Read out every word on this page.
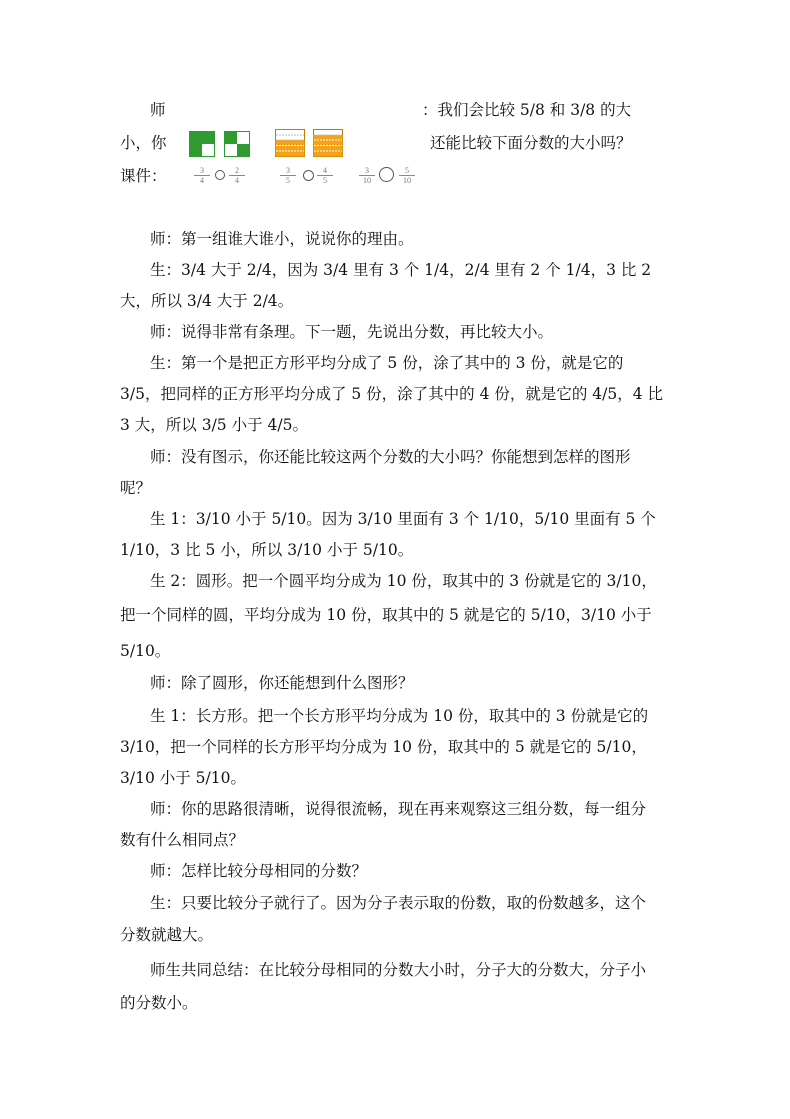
师
小，你
课件：
：我们会比较 5/8 和 3/8 的大
还能比较下面分数的大小吗？
$\frac{3}{4} \frac{2}{4}$	$\frac{3}{5}$	$\frac{4}{5}$	$\frac{3}{10}$	$\frac{5}{10}$
师：第一组谁大谁小，说说你的理由。
生：3/4 大于 2/4，因为 3/4 里有 3 个 1/4，2/4 里有 2 个 1/4，3 比 2
大，所以 3/4 大于 2/4。
师：说得非常有条理。下一题，先说出分数，再比较大小。
生：第一个是把正方形平均分成了 5 份，涂了其中的 3 份，就是它的
3/5，把同样的正方形平均分成了 5 份，涂了其中的 4 份，就是它的 4/5，4 比
3 大，所以 3/5 小于 4/5。
师：没有图示，你还能比较这两个分数的大小吗？你能想到怎样的图形
呢？
生 1：3/10 小于 5/10。因为 3/10 里面有 3 个 1/10，5/10 里面有 5 个
1/10，3 比 5 小，所以 3/10 小于 5/10。
生 2：圆形。把一个圆平均分成为 10 份，取其中的 3 份就是它的 3/10，
把一个同样的圆，平均分成为 10 份，取其中的 5 就是它的 5/10，3/10 小于
5/10。
师：除了圆形，你还能想到什么图形？
生 1：长方形。把一个长方形平均分成为 10 份，取其中的 3 份就是它的
3/10，把一个同样的长方形平均分成为 10 份，取其中的 5 就是它的 5/10，
3/10 小于 5/10。
师：你的思路很清晰，说得很流畅，现在再来观察这三组分数，每一组分
数有什么相同点？
师：怎样比较分母相同的分数？
生：只要比较分子就行了。因为分子表示取的份数，取的份数越多，这个
分数就越大。
师生共同总结：在比较分母相同的分数大小时，分子大的分数大，分子小
的分数小。
